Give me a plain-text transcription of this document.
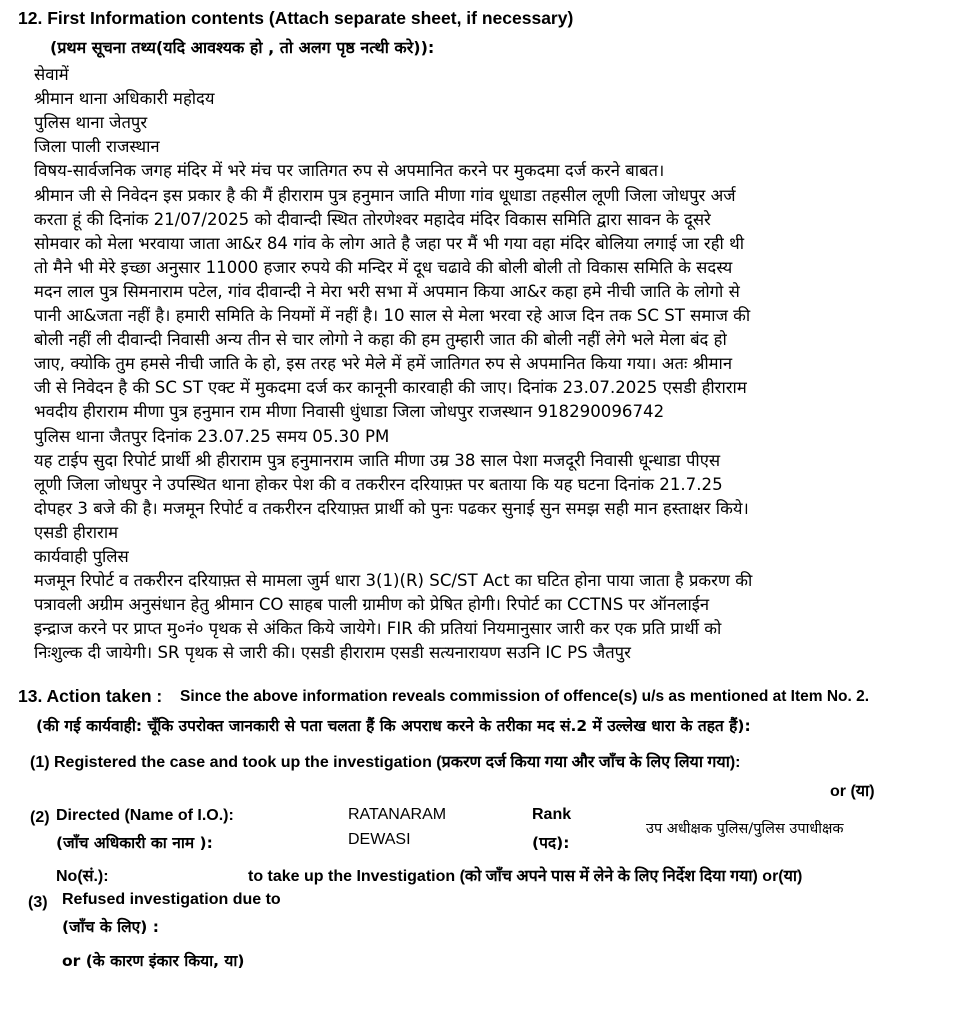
12. First Information contents (Attach separate sheet, if necessary)
(प्रथम सूचना तथ्य(यदि आवश्यक हो , तो अलग पृष्ठ नत्थी करे)):
सेवामें
श्रीमान थाना अधिकारी महोदय
पुलिस थाना जेतपुर
जिला पाली राजस्थान
विषय-सार्वजनिक जगह मंदिर में भरे मंच पर जातिगत रुप से अपमानित करने पर मुकदमा दर्ज करने बाबत।
श्रीमान जी से निवेदन इस प्रकार है की मैं हीराराम पुत्र हनुमान जाति मीणा गांव धूधाडा तहसील लूणी जिला जोधपुर अर्ज
करता हूं की दिनांक 21/07/2025 को दीवान्दी स्थित तोरणेश्वर महादेव मंदिर विकास समिति द्वारा सावन के दूसरे
सोमवार को मेला भरवाया जाता आ&र 84 गांव के लोग आते है जहा पर मैं भी गया वहा मंदिर बोलिया लगाई जा रही थी
तो मैने भी मेरे इच्छा अनुसार 11000 हजार रुपये की मन्दिर में दूध चढावे की बोली बोली तो विकास समिति के सदस्य
मदन लाल पुत्र सिमनाराम पटेल, गांव दीवान्दी ने मेरा भरी सभा में अपमान किया आ&र कहा हमे नीची जाति के लोगो से
पानी आ&जता नहीं है। हमारी समिति के नियमों में नहीं है। 10 साल से मेला भरवा रहे आज दिन तक SC ST समाज की
बोली नहीं ली दीवान्दी निवासी अन्य तीन से चार लोगो ने कहा की हम तुम्हारी जात की बोली नहीं लेगे भले मेला बंद हो
जाए, क्योकि तुम हमसे नीची जाति के हो, इस तरह भरे मेले में हमें जातिगत रुप से अपमानित किया गया। अतः श्रीमान
जी से निवेदन है की SC ST एक्ट में मुकदमा दर्ज कर कानूनी कारवाही की जाए। दिनांक 23.07.2025 एसडी हीराराम
भवदीय हीराराम मीणा पुत्र हनुमान राम मीणा निवासी धुंधाडा जिला जोधपुर राजस्थान 918290096742
पुलिस थाना जैतपुर दिनांक 23.07.25 समय 05.30 PM
यह टाईप सुदा रिपोर्ट प्रार्थी श्री हीराराम पुत्र हनुमानराम जाति मीणा उम्र 38 साल पेशा मजदूरी निवासी धून्धाडा पीएस
लूणी जिला जोधपुर ने उपस्थित थाना होकर पेश की व तकरीरन दरियाफ़्त पर बताया कि यह घटना दिनांक 21.7.25
दोपहर 3 बजे की है। मजमून रिपोर्ट व तकरीरन दरियाफ़्त प्रार्थी को पुनः पढकर सुनाई सुन समझ सही मान हस्ताक्षर किये।
एसडी हीराराम
कार्यवाही पुलिस
मजमून रिपोर्ट व तकरीरन दरियाफ़्त से मामला जुर्म धारा 3(1)(R) SC/ST Act का घटित होना पाया जाता है प्रकरण की
पत्रावली अग्रीम अनुसंधान हेतु श्रीमान CO साहब पाली ग्रामीण को प्रेषित होगी। रिपोर्ट का CCTNS पर ऑनलाईन
इन्द्राज करने पर प्राप्त मु०नं० पृथक से अंकित किये जायेगे। FIR की प्रतियां नियमानुसार जारी कर एक प्रति प्रार्थी को
निःशुल्क दी जायेगी। SR पृथक से जारी की। एसडी हीराराम एसडी सत्यनारायण सउनि IC PS जैतपुर
13. Action taken : Since the above information reveals commission of offence(s) u/s as mentioned at Item No. 2.
(की गई कार्यवाही: चूँकि उपरोक्त जानकारी से पता चलता हैं कि अपराध करने के तरीका मद सं.2 में उल्लेख धारा के तहत हैं):
(1) Registered the case and took up the investigation (प्रकरण दर्ज किया गया और जाँच के लिए लिया गया):
or (या)
(2) Directed (Name of I.O.):
(जाँच अधिकारी का नाम ):
RATANARAM
DEWASI
Rank
(पद):
उप अधीक्षक पुलिस/पुलिस उपाधीक्षक
No(सं.):	to take up the Investigation (को जाँच अपने पास में लेने के लिए निर्देश दिया गया) or(या)
(3) Refused investigation due to
(जाँच के लिए) :
or (के कारण इंकार किया, या)
